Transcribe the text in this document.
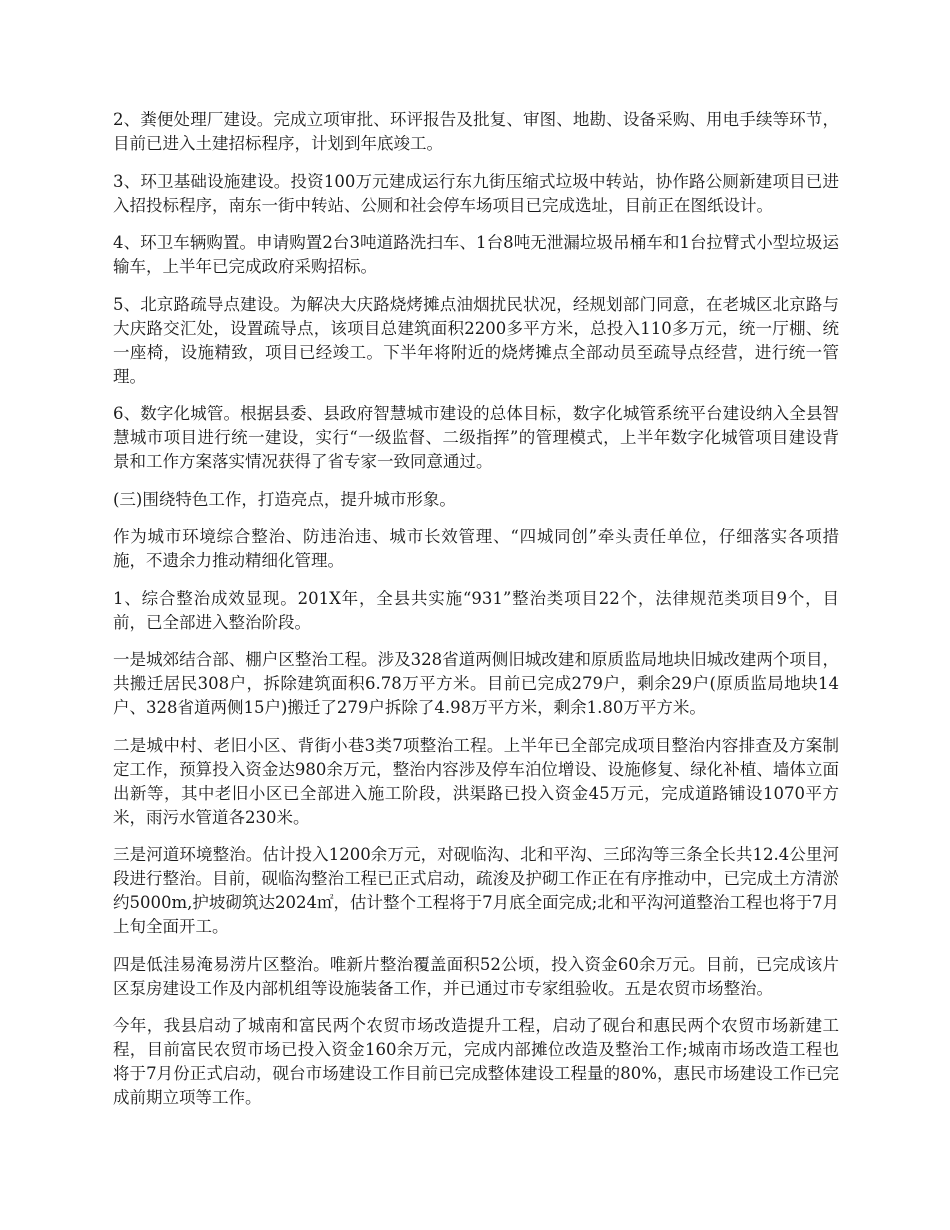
2、粪便处理厂建设。完成立项审批、环评报告及批复、审图、地勘、设备采购、用电手续等环节，目前已进入土建招标程序，计划到年底竣工。

3、环卫基础设施建设。投资100万元建成运行东九街压缩式垃圾中转站，协作路公厕新建项目已进入招投标程序，南东一街中转站、公厕和社会停车场项目已完成选址，目前正在图纸设计。

4、环卫车辆购置。申请购置2台3吨道路洗扫车、1台8吨无泄漏垃圾吊桶车和1台拉臂式小型垃圾运输车，上半年已完成政府采购招标。

5、北京路疏导点建设。为解决大庆路烧烤摊点油烟扰民状况，经规划部门同意，在老城区北京路与大庆路交汇处，设置疏导点，该项目总建筑面积2200多平方米，总投入110多万元，统一厅棚、统一座椅，设施精致，项目已经竣工。下半年将附近的烧烤摊点全部动员至疏导点经营，进行统一管理。

6、数字化城管。根据县委、县政府智慧城市建设的总体目标，数字化城管系统平台建设纳入全县智慧城市项目进行统一建设，实行“一级监督、二级指挥”的管理模式，上半年数字化城管项目建设背景和工作方案落实情况获得了省专家一致同意通过。

(三)围绕特色工作，打造亮点，提升城市形象。

作为城市环境综合整治、防违治违、城市长效管理、“四城同创”牵头责任单位，仔细落实各项措施，不遗余力推动精细化管理。

1、综合整治成效显现。201X年，全县共实施“931”整治类项目22个，法律规范类项目9个，目前，已全部进入整治阶段。

一是城郊结合部、棚户区整治工程。涉及328省道两侧旧城改建和原质监局地块旧城改建两个项目，共搬迁居民308户，拆除建筑面积6.78万平方米。目前已完成279户，剩余29户(原质监局地块14户、328省道两侧15户)搬迁了279户拆除了4.98万平方米，剩余1.80万平方米。

二是城中村、老旧小区、背街小巷3类7项整治工程。上半年已全部完成项目整治内容排查及方案制定工作，预算投入资金达980余万元，整治内容涉及停车泊位增设、设施修复、绿化补植、墙体立面出新等，其中老旧小区已全部进入施工阶段，洪渠路已投入资金45万元，完成道路铺设1070平方米，雨污水管道各230米。

三是河道环境整治。估计投入1200余万元，对砚临沟、北和平沟、三邱沟等三条全长共12.4公里河段进行整治。目前，砚临沟整治工程已正式启动，疏浚及护砌工作正在有序推动中，已完成土方清淤约5000m,护坡砌筑达2024㎡，估计整个工程将于7月底全面完成;北和平沟河道整治工程也将于7月上旬全面开工。

四是低洼易淹易涝片区整治。唯新片整治覆盖面积52公顷，投入资金60余万元。目前，已完成该片区泵房建设工作及内部机组等设施装备工作，并已通过市专家组验收。五是农贸市场整治。

今年，我县启动了城南和富民两个农贸市场改造提升工程，启动了砚台和惠民两个农贸市场新建工程，目前富民农贸市场已投入资金160余万元，完成内部摊位改造及整治工作;城南市场改造工程也将于7月份正式启动，砚台市场建设工作目前已完成整体建设工程量的80%，惠民市场建设工作已完成前期立项等工作。
